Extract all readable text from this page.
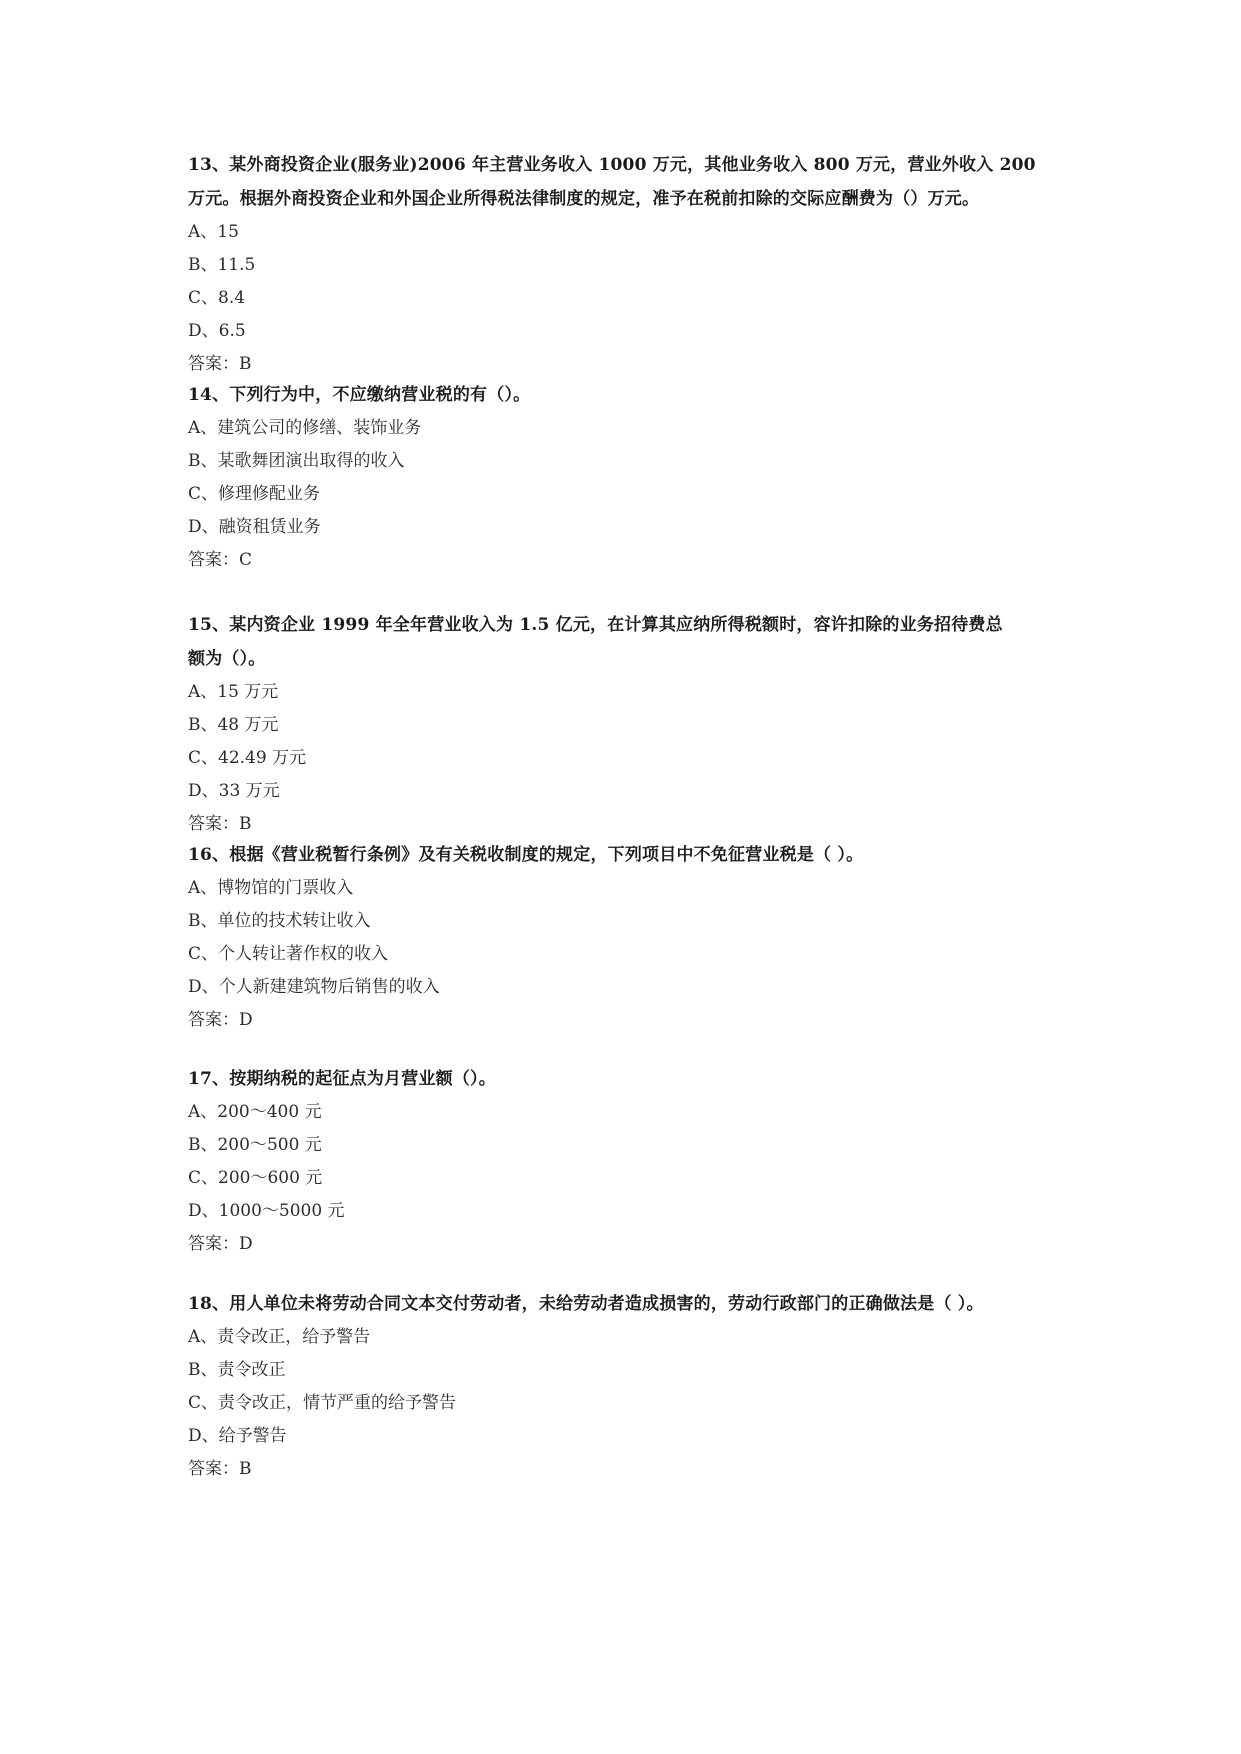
13、某外商投资企业(服务业)2006 年主营业务收入 1000 万元，其他业务收入 800 万元，营业外收入 200
万元。根据外商投资企业和外国企业所得税法律制度的规定，准予在税前扣除的交际应酬费为（）万元。

A、15

B、11.5

C、8.4

D、6.5

答案：B

14、下列行为中，不应缴纳营业税的有（）。

A、建筑公司的修缮、装饰业务

B、某歌舞团演出取得的收入

C、修理修配业务

D、融资租赁业务

答案：C

15、某内资企业 1999 年全年营业收入为 1.5 亿元，在计算其应纳所得税额时，容许扣除的业务招待费总
额为（）。

A、15 万元

B、48 万元

C、42.49 万元

D、33 万元

答案：B

16、根据《营业税暂行条例》及有关税收制度的规定，下列项目中不免征营业税是（ ）。

A、博物馆的门票收入

B、单位的技术转让收入

C、个人转让著作权的收入

D、个人新建建筑物后销售的收入

答案：D

17、按期纳税的起征点为月营业额（）。

A、200～400 元

B、200～500 元

C、200～600 元

D、1000～5000 元

答案：D

18、用人单位未将劳动合同文本交付劳动者，未给劳动者造成损害的，劳动行政部门的正确做法是（ ）。

A、责令改正，给予警告

B、责令改正

C、责令改正，情节严重的给予警告

D、给予警告

答案：B
